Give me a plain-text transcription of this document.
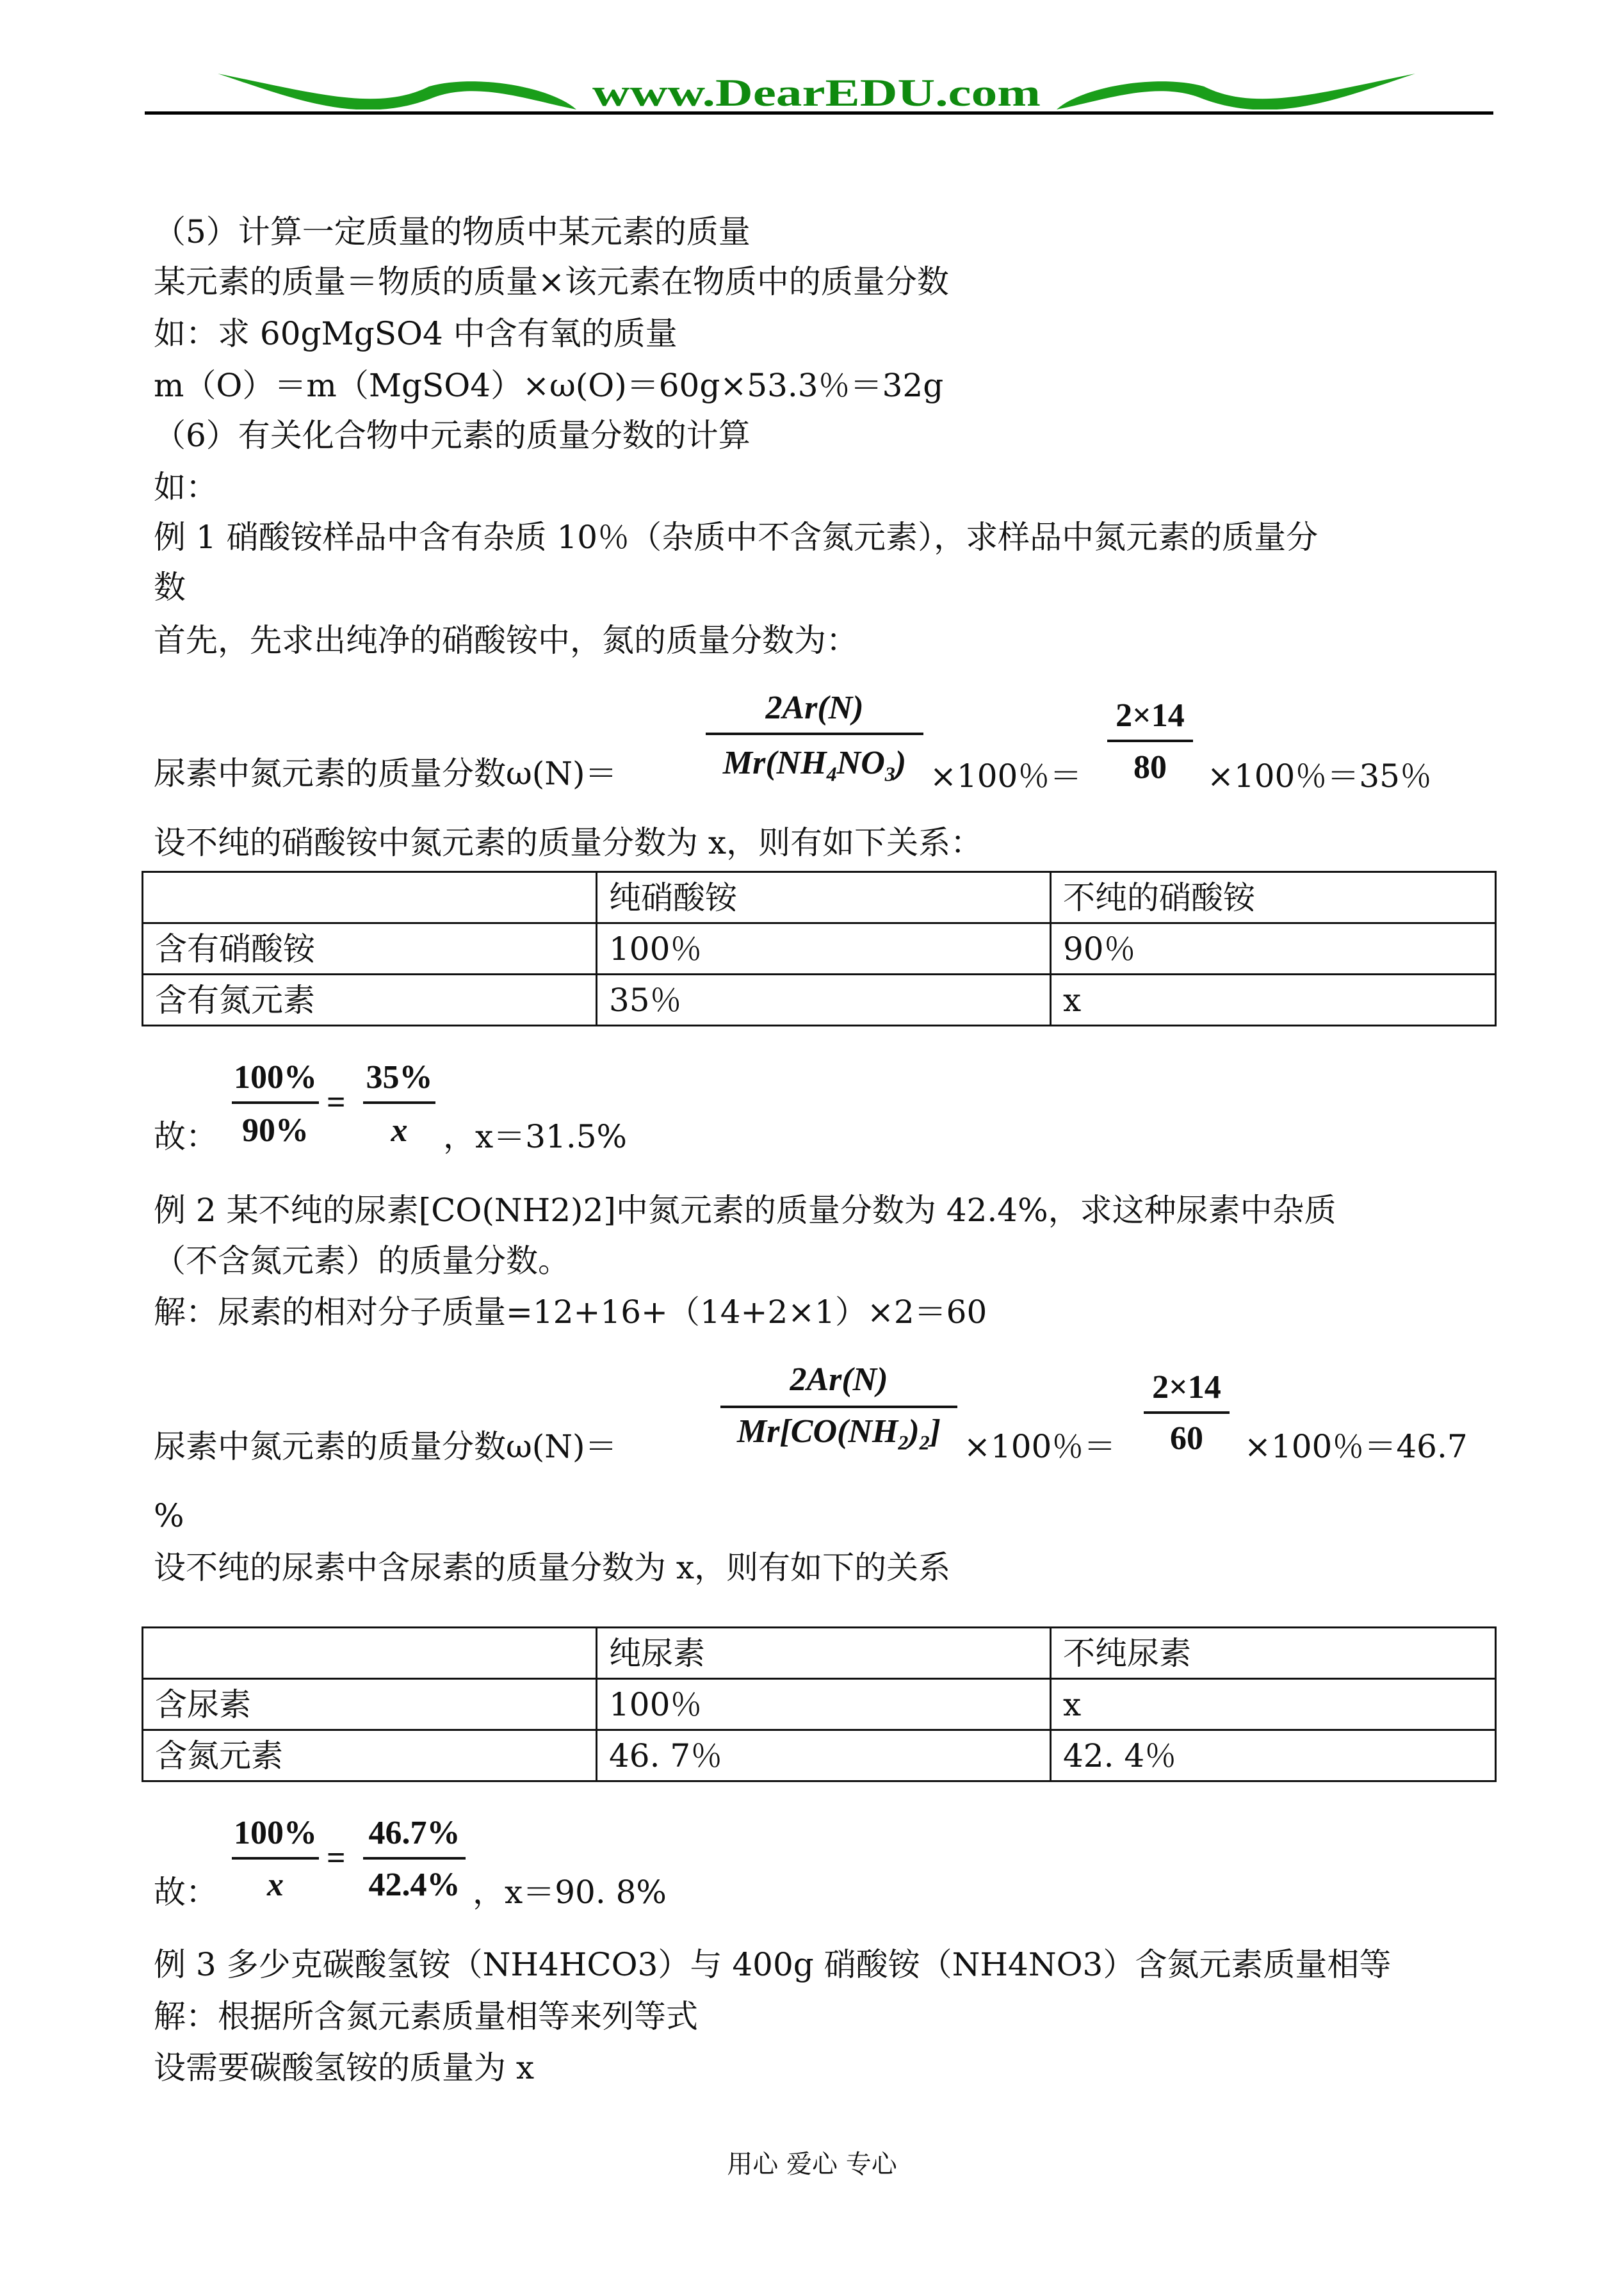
www.DearEDU.com
（5）计算一定质量的物质中某元素的质量
某元素的质量＝物质的质量×该元素在物质中的质量分数
如：求 60gMgSO4 中含有氧的质量
m（O）＝m（MgSO4）×ω(O)＝60g×53.3％＝32g
（6）有关化合物中元素的质量分数的计算
如：
例 1 硝酸铵样品中含有杂质 10％（杂质中不含氮元素），求样品中氮元素的质量分
数
首先，先求出纯净的硝酸铵中，氮的质量分数为：
尿素中氮元素的质量分数ω(N)＝
2Ar(N)
$Mr(NH_4NO_3) \times 100$％＝
2×14
80	×100％＝35％
设不纯的硝酸铵中氮元素的质量分数为 x，则有如下关系：
	纯硝酸铵	不纯的硝酸铵
含有硝酸铵	100％	90％
含有氮元素	35％	x
故：
100%
90%
=
35%
x	，x＝31.5%
例 2 某不纯的尿素[CO(NH2)2]中氮元素的质量分数为 42.4%，求这种尿素中杂质
（不含氮元素）的质量分数。
解：尿素的相对分子质量=12+16+（14+2×1）×2＝60
尿素中氮元素的质量分数ω(N)＝
2Ar(N)
$Mr[CO(NH_2)_2] \times 100$％＝
2×14
60	×100％＝46.7
%
设不纯的尿素中含尿素的质量分数为 x，则有如下的关系
	纯尿素	不纯尿素
含尿素	100％	x
含氮元素	46. 7％	42. 4％
故：
100%
x
=
46.7%
42.4% ，x＝90. 8%
例 3 多少克碳酸氢铵（NH4HCO3）与 400g 硝酸铵（NH4NO3）含氮元素质量相等
解：根据所含氮元素质量相等来列等式
设需要碳酸氢铵的质量为 x
用心 爱心 专心
